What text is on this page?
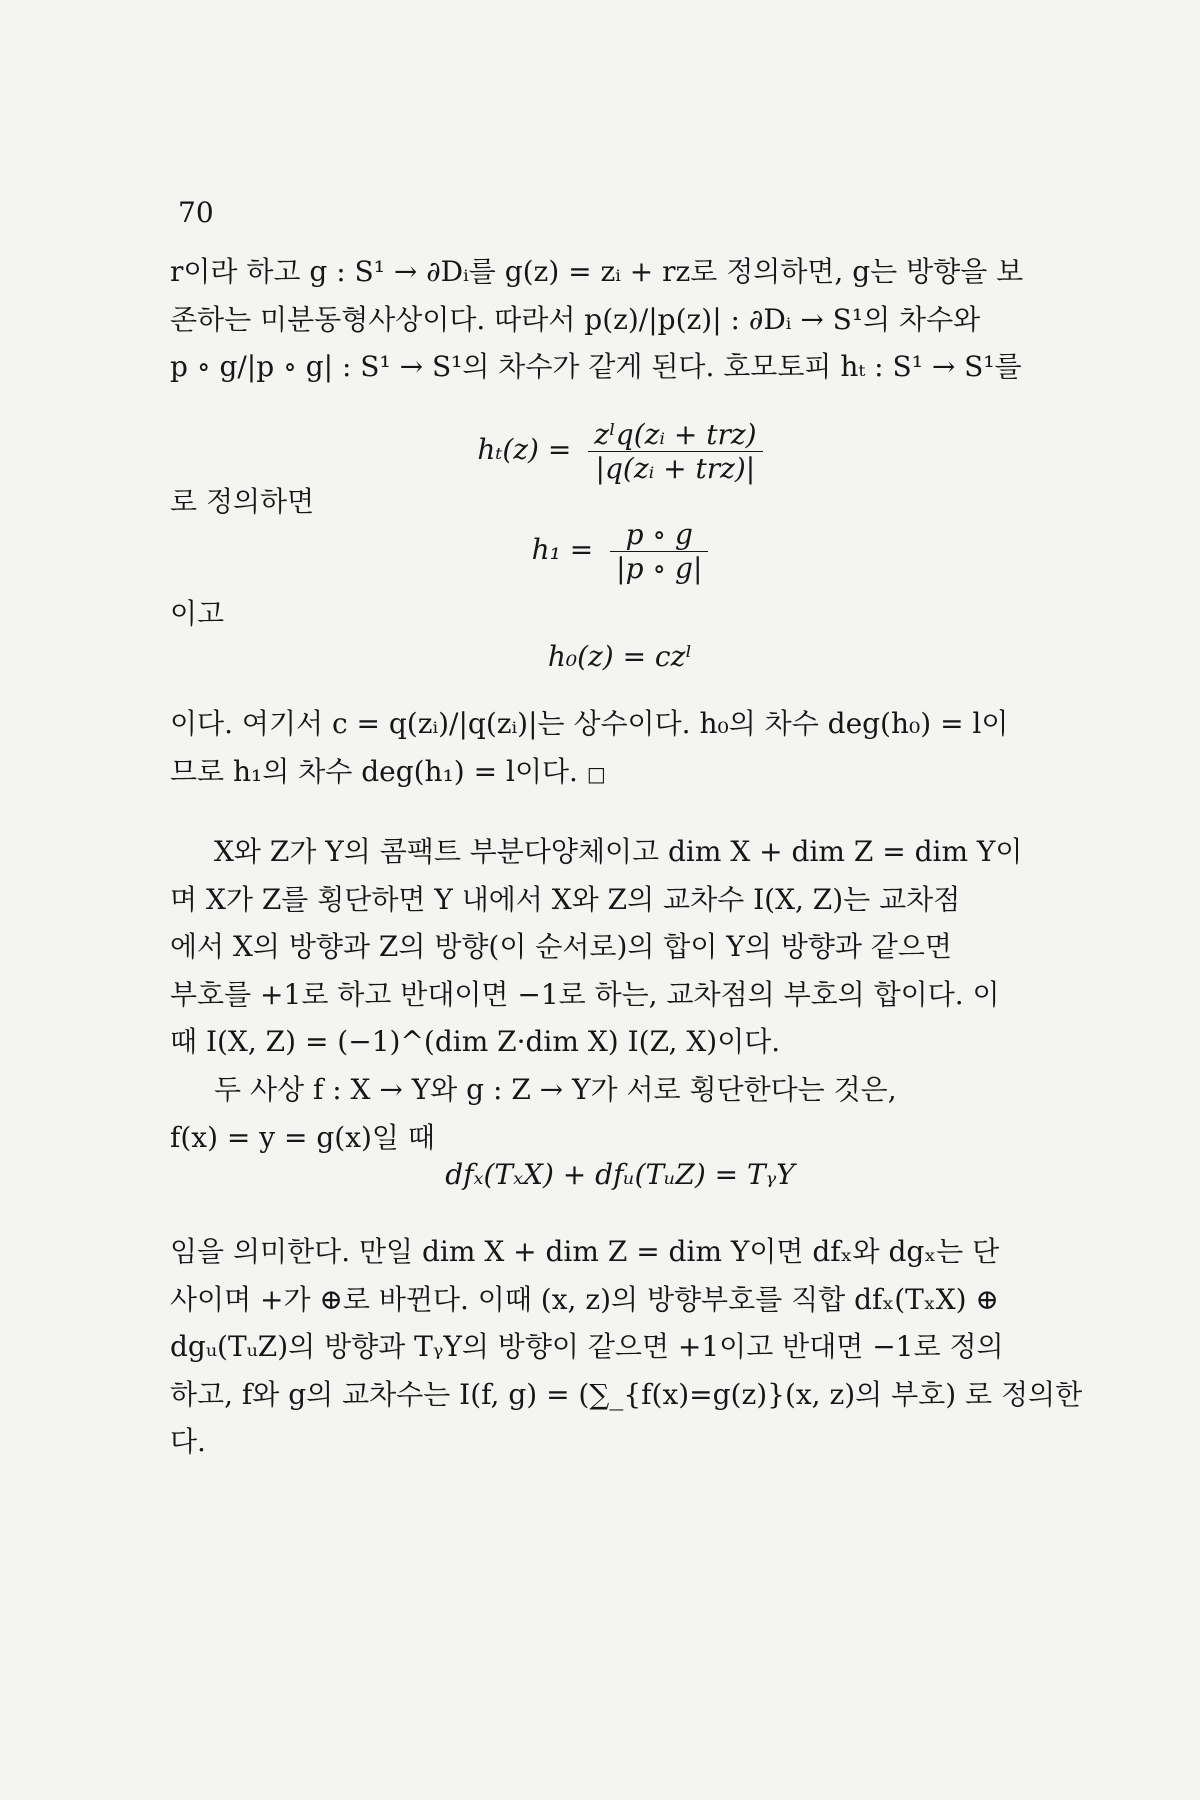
70
r이라 하고 g : S¹ → ∂Dᵢ를 g(z) = zᵢ + rz로 정의하면, g는 방향을 보
존하는 미분동형사상이다. 따라서 p(z)/|p(z)| : ∂Dᵢ → S¹의 차수와
p ∘ g/|p ∘ g| : S¹ → S¹의 차수가 같게 된다. 호모토피 hₜ : S¹ → S¹를
$h_t(z) = \frac{\text{zˡq(zᵢ + trz)}}{\text{|q(zᵢ + trz)|}}$
로 정의하면
$h_1 = \frac{p \circ g}{|p \circ g|}$
이고
h₀(z) = czˡ
이다. 여기서 c = q(zᵢ)/|q(zᵢ)|는 상수이다. h₀의 차수 deg(h₀) = l이
므로 h₁의 차수 deg(h₁) = l이다. □
X와 Z가 Y의 콤팩트 부분다양체이고 dim X + dim Z = dim Y이
며 X가 Z를 횡단하면 Y 내에서 X와 Z의 교차수 I(X, Z)는 교차점
에서 X의 방향과 Z의 방향(이 순서로)의 합이 Y의 방향과 같으면
부호를 +1로 하고 반대이면 −1로 하는, 교차점의 부호의 합이다. 이
때 I(X, Z) = (−1)^(dim Z·dim X) I(Z, X)이다.
두 사상 f : X → Y와 g : Z → Y가 서로 횡단한다는 것은,
f(x) = y = g(x)일 때
dfₓ(TₓX) + dfᵤ(TᵤZ) = TᵧY
임을 의미한다. 만일 dim X + dim Z = dim Y이면 dfₓ와 dgₓ는 단
사이며 +가 ⊕로 바뀐다. 이때 (x, z)의 방향부호를 직합 dfₓ(TₓX) ⊕
dgᵤ(TᵤZ)의 방향과 TᵧY의 방향이 같으면 +1이고 반대면 −1로 정의
하고, f와 g의 교차수는 I(f, g) = (∑_{f(x)=g(z)}(x, z)의 부호) 로 정의한
다.
